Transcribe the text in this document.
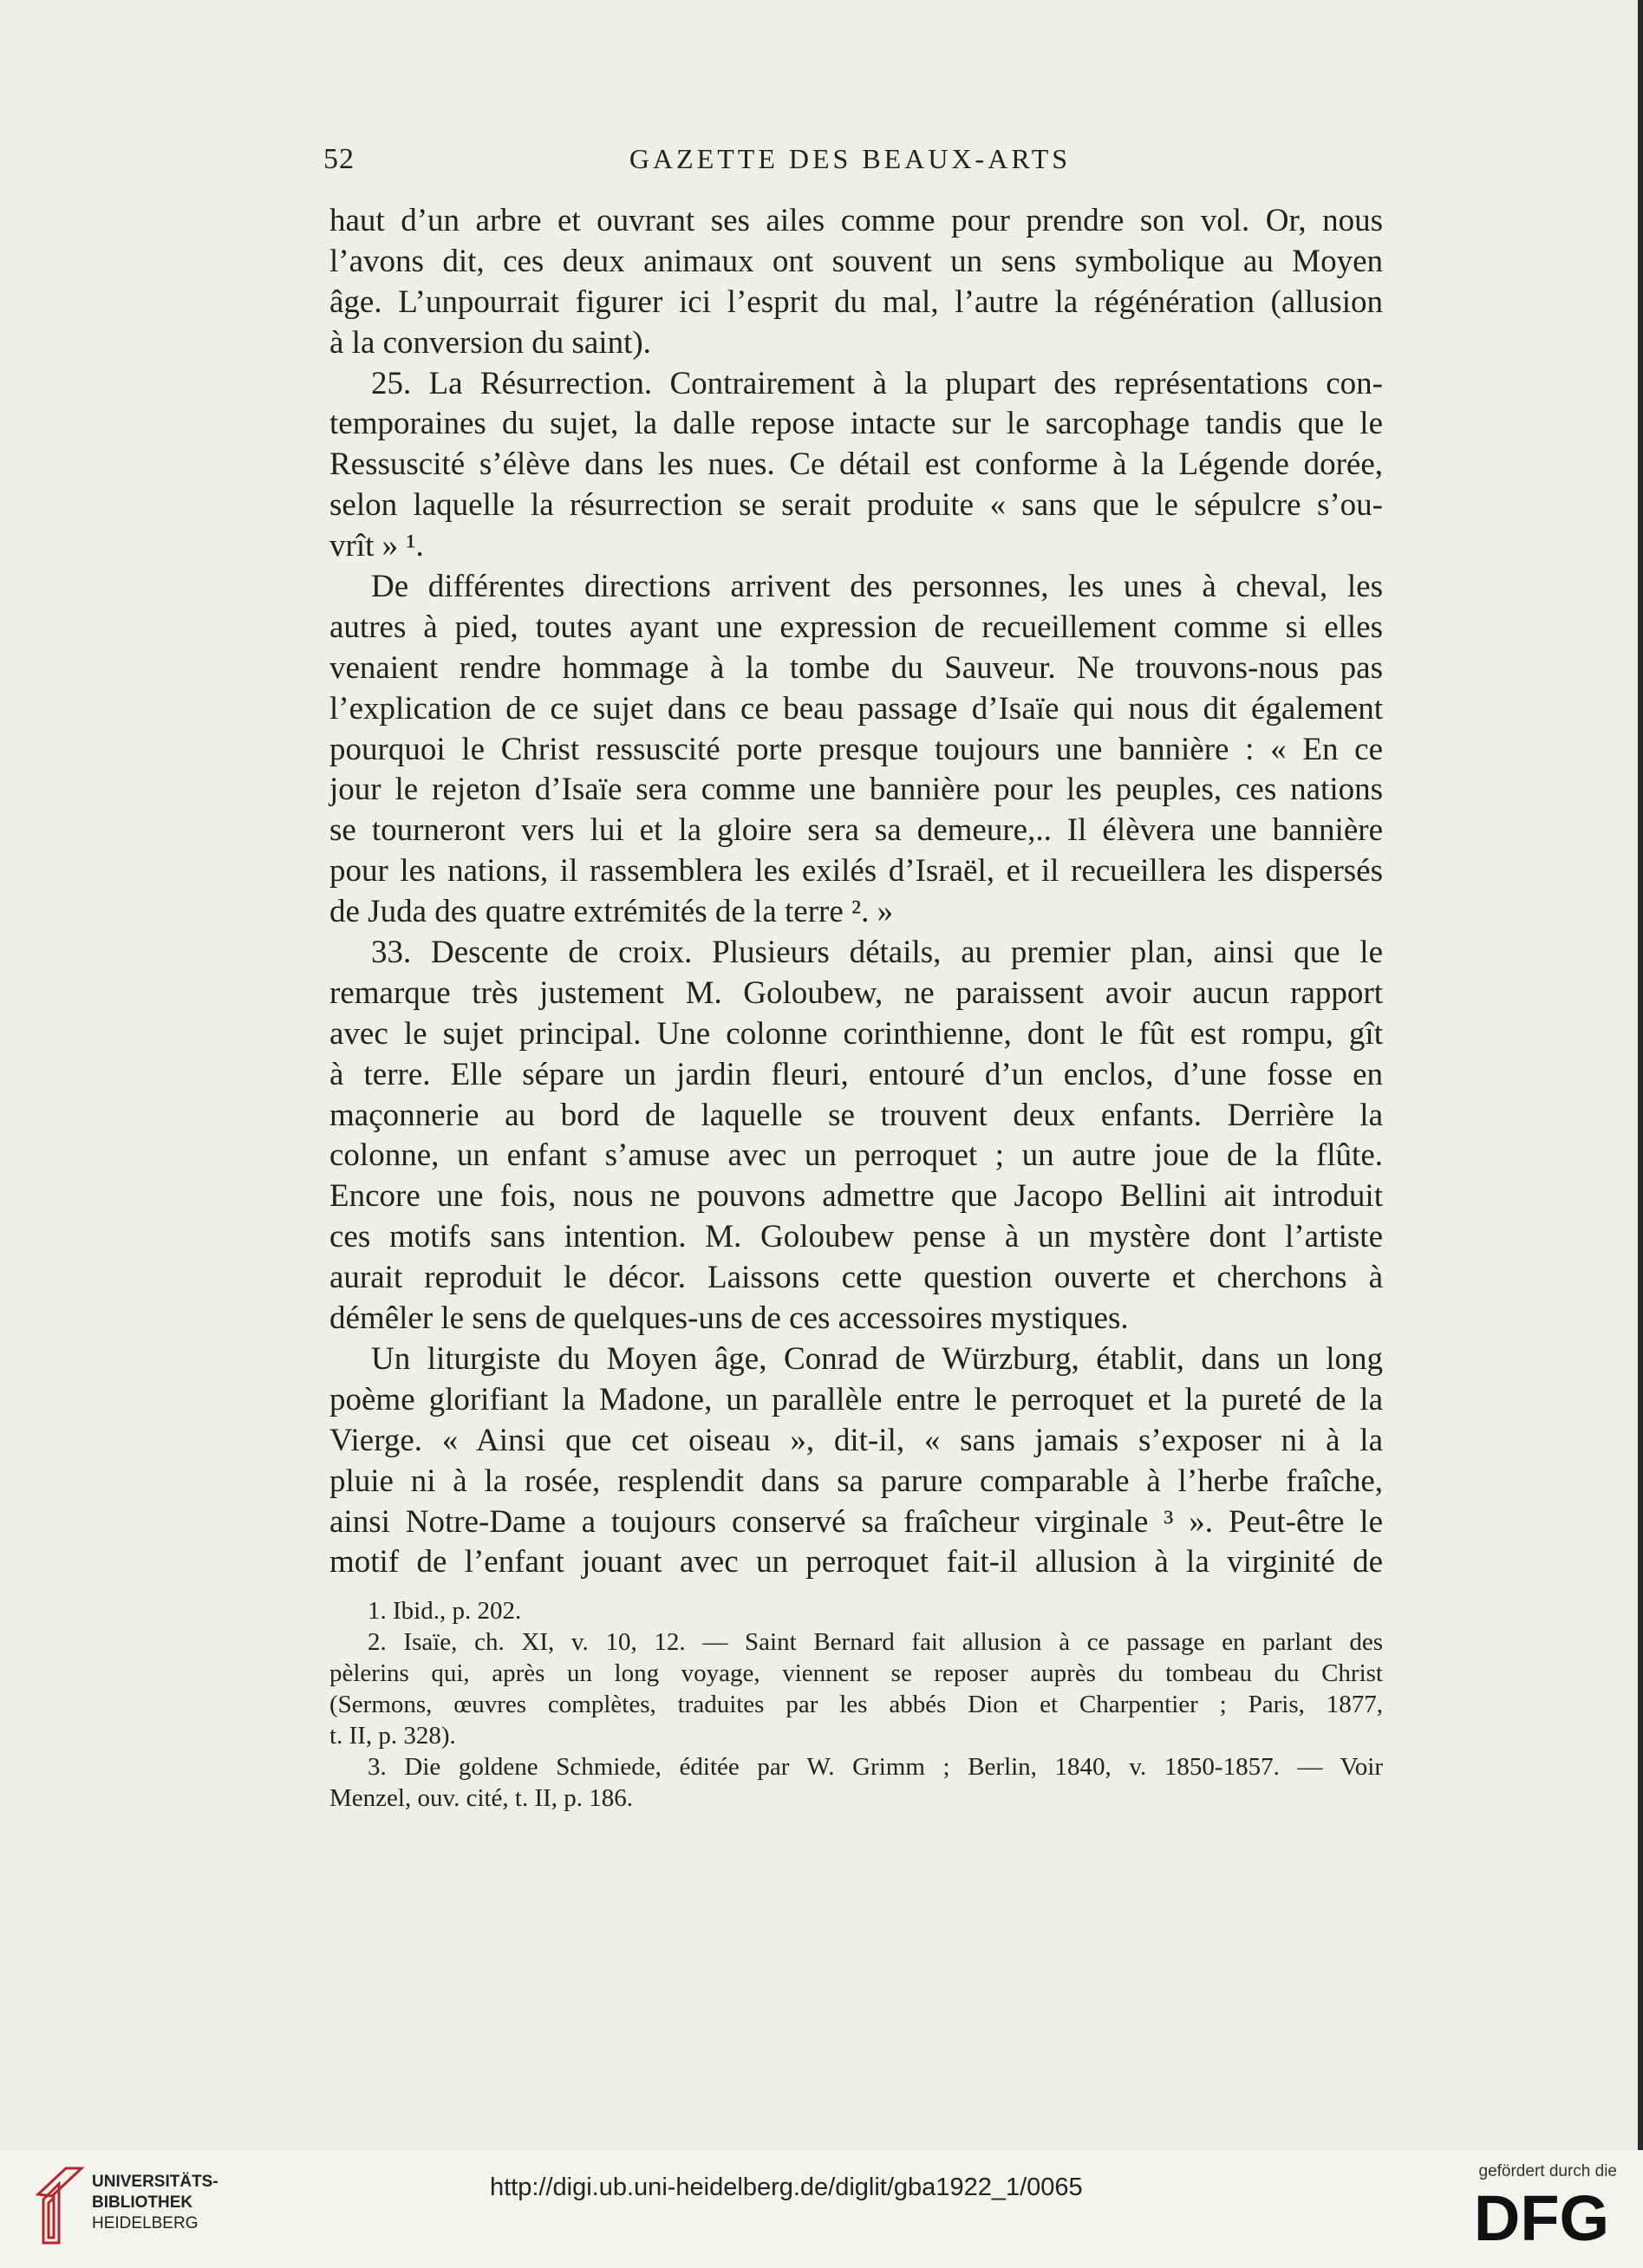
52	GAZETTE DES BEAUX-ARTS
haut d’un arbre et ouvrant ses ailes comme pour prendre son vol. Or, nous
l’avons dit, ces deux animaux ont souvent un sens symbolique au Moyen
âge. L’unpourrait figurer ici l’esprit du mal, l’autre la régénération (allusion
à la conversion du saint).
25. La Résurrection. Contrairement à la plupart des représentations con-
temporaines du sujet, la dalle repose intacte sur le sarcophage tandis que le
Ressuscité s’élève dans les nues. Ce détail est conforme à la Légende dorée,
selon laquelle la résurrection se serait produite « sans que le sépulcre s’ou-
vrît » ¹.
De différentes directions arrivent des personnes, les unes à cheval, les
autres à pied, toutes ayant une expression de recueillement comme si elles
venaient rendre hommage à la tombe du Sauveur. Ne trouvons-nous pas
l’explication de ce sujet dans ce beau passage d’Isaïe qui nous dit également
pourquoi le Christ ressuscité porte presque toujours une bannière : « En ce
jour le rejeton d’Isaïe sera comme une bannière pour les peuples, ces nations
se tourneront vers lui et la gloire sera sa demeure,.. Il élèvera une bannière
pour les nations, il rassemblera les exilés d’Israël, et il recueillera les dispersés
de Juda des quatre extrémités de la terre ². »
33. Descente de croix. Plusieurs détails, au premier plan, ainsi que le
remarque très justement M. Goloubew, ne paraissent avoir aucun rapport
avec le sujet principal. Une colonne corinthienne, dont le fût est rompu, gît
à terre. Elle sépare un jardin fleuri, entouré d’un enclos, d’une fosse en
maçonnerie au bord de laquelle se trouvent deux enfants. Derrière la
colonne, un enfant s’amuse avec un perroquet ; un autre joue de la flûte.
Encore une fois, nous ne pouvons admettre que Jacopo Bellini ait introduit
ces motifs sans intention. M. Goloubew pense à un mystère dont l’artiste
aurait reproduit le décor. Laissons cette question ouverte et cherchons à
démêler le sens de quelques-uns de ces accessoires mystiques.
Un liturgiste du Moyen âge, Conrad de Würzburg, établit, dans un long
poème glorifiant la Madone, un parallèle entre le perroquet et la pureté de la
Vierge. « Ainsi que cet oiseau », dit-il, « sans jamais s’exposer ni à la
pluie ni à la rosée, resplendit dans sa parure comparable à l’herbe fraîche,
ainsi Notre-Dame a toujours conservé sa fraîcheur virginale ³ ». Peut-être le
motif de l’enfant jouant avec un perroquet fait-il allusion à la virginité de
1. Ibid., p. 202.
2. Isaïe, ch. XI, v. 10, 12. — Saint Bernard fait allusion à ce passage en parlant des
pèlerins qui, après un long voyage, viennent se reposer auprès du tombeau du Christ
(Sermons, œuvres complètes, traduites par les abbés Dion et Charpentier ; Paris, 1877,
t. II, p. 328).
3. Die goldene Schmiede, éditée par W. Grimm ; Berlin, 1840, v. 1850-1857. — Voir
Menzel, ouv. cité, t. II, p. 186.
UNIVERSITÄTS-
BIBLIOTHEK
HEIDELBERG
http://digi.ub.uni-heidelberg.de/diglit/gba1922_1/0065
gefördert durch die
DFG
